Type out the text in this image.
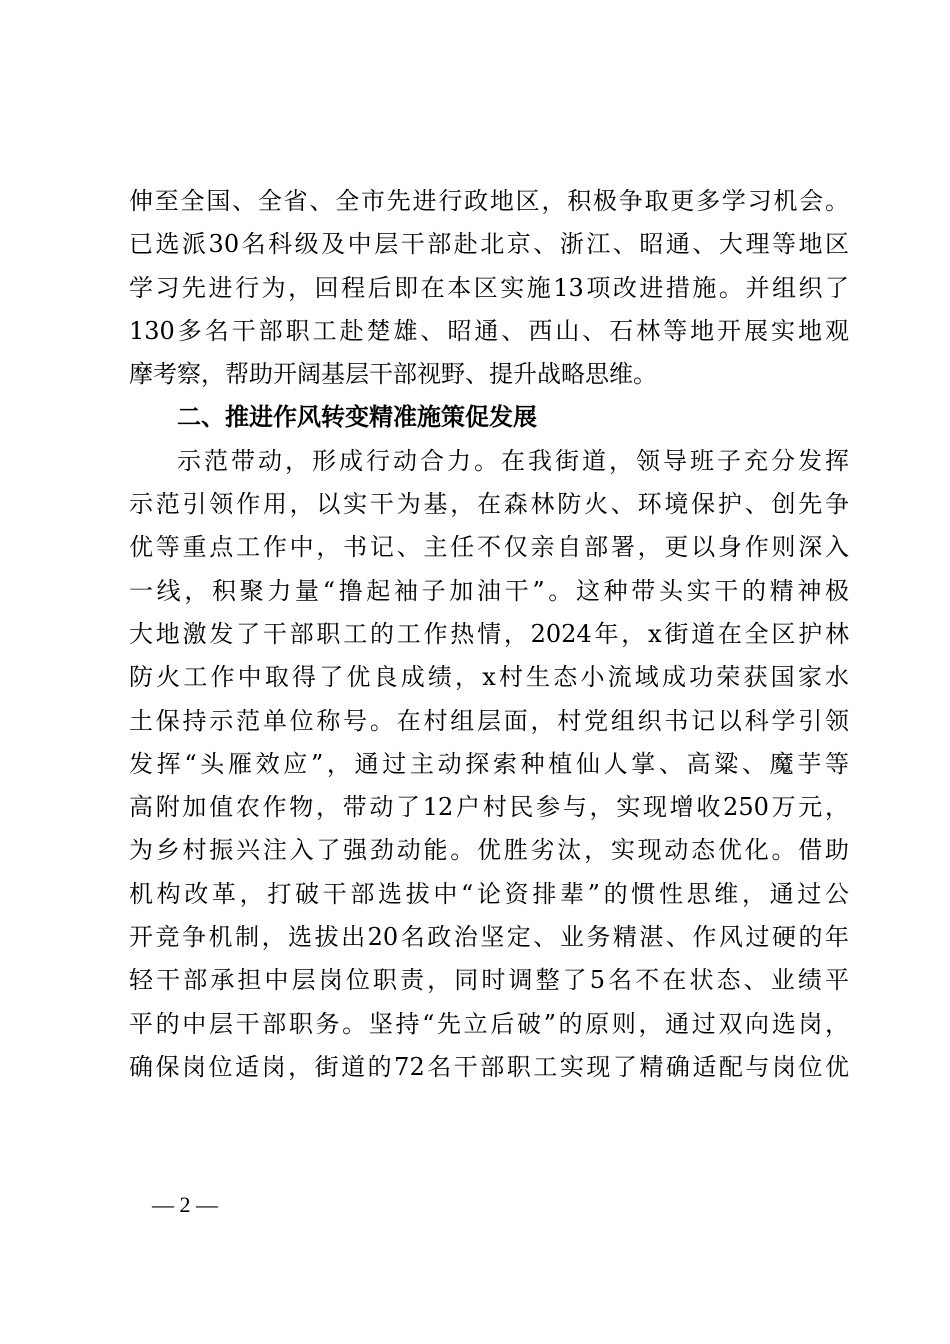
伸至全国、全省、全市先进行政地区，积极争取更多学习机会。
已选派30名科级及中层干部赴北京、浙江、昭通、大理等地区
学习先进行为，回程后即在本区实施13项改进措施。并组织了
130多名干部职工赴楚雄、昭通、西山、石林等地开展实地观
摩考察，帮助开阔基层干部视野、提升战略思维。
二、推进作风转变精准施策促发展
示范带动，形成行动合力。在我街道，领导班子充分发挥
示范引领作用，以实干为基，在森林防火、环境保护、创先争
优等重点工作中，书记、主任不仅亲自部署，更以身作则深入
一线，积聚力量“撸起袖子加油干”。这种带头实干的精神极
大地激发了干部职工的工作热情，2024年，x街道在全区护林
防火工作中取得了优良成绩，x村生态小流域成功荣获国家水
土保持示范单位称号。在村组层面，村党组织书记以科学引领
发挥“头雁效应”，通过主动探索种植仙人掌、高粱、魔芋等
高附加值农作物，带动了12户村民参与，实现增收250万元，
为乡村振兴注入了强劲动能。优胜劣汰，实现动态优化。借助
机构改革，打破干部选拔中“论资排辈”的惯性思维，通过公
开竞争机制，选拔出20名政治坚定、业务精湛、作风过硬的年
轻干部承担中层岗位职责，同时调整了5名不在状态、业绩平
平的中层干部职务。坚持“先立后破”的原则，通过双向选岗，
确保岗位适岗，街道的72名干部职工实现了精确适配与岗位优
— 2 —
